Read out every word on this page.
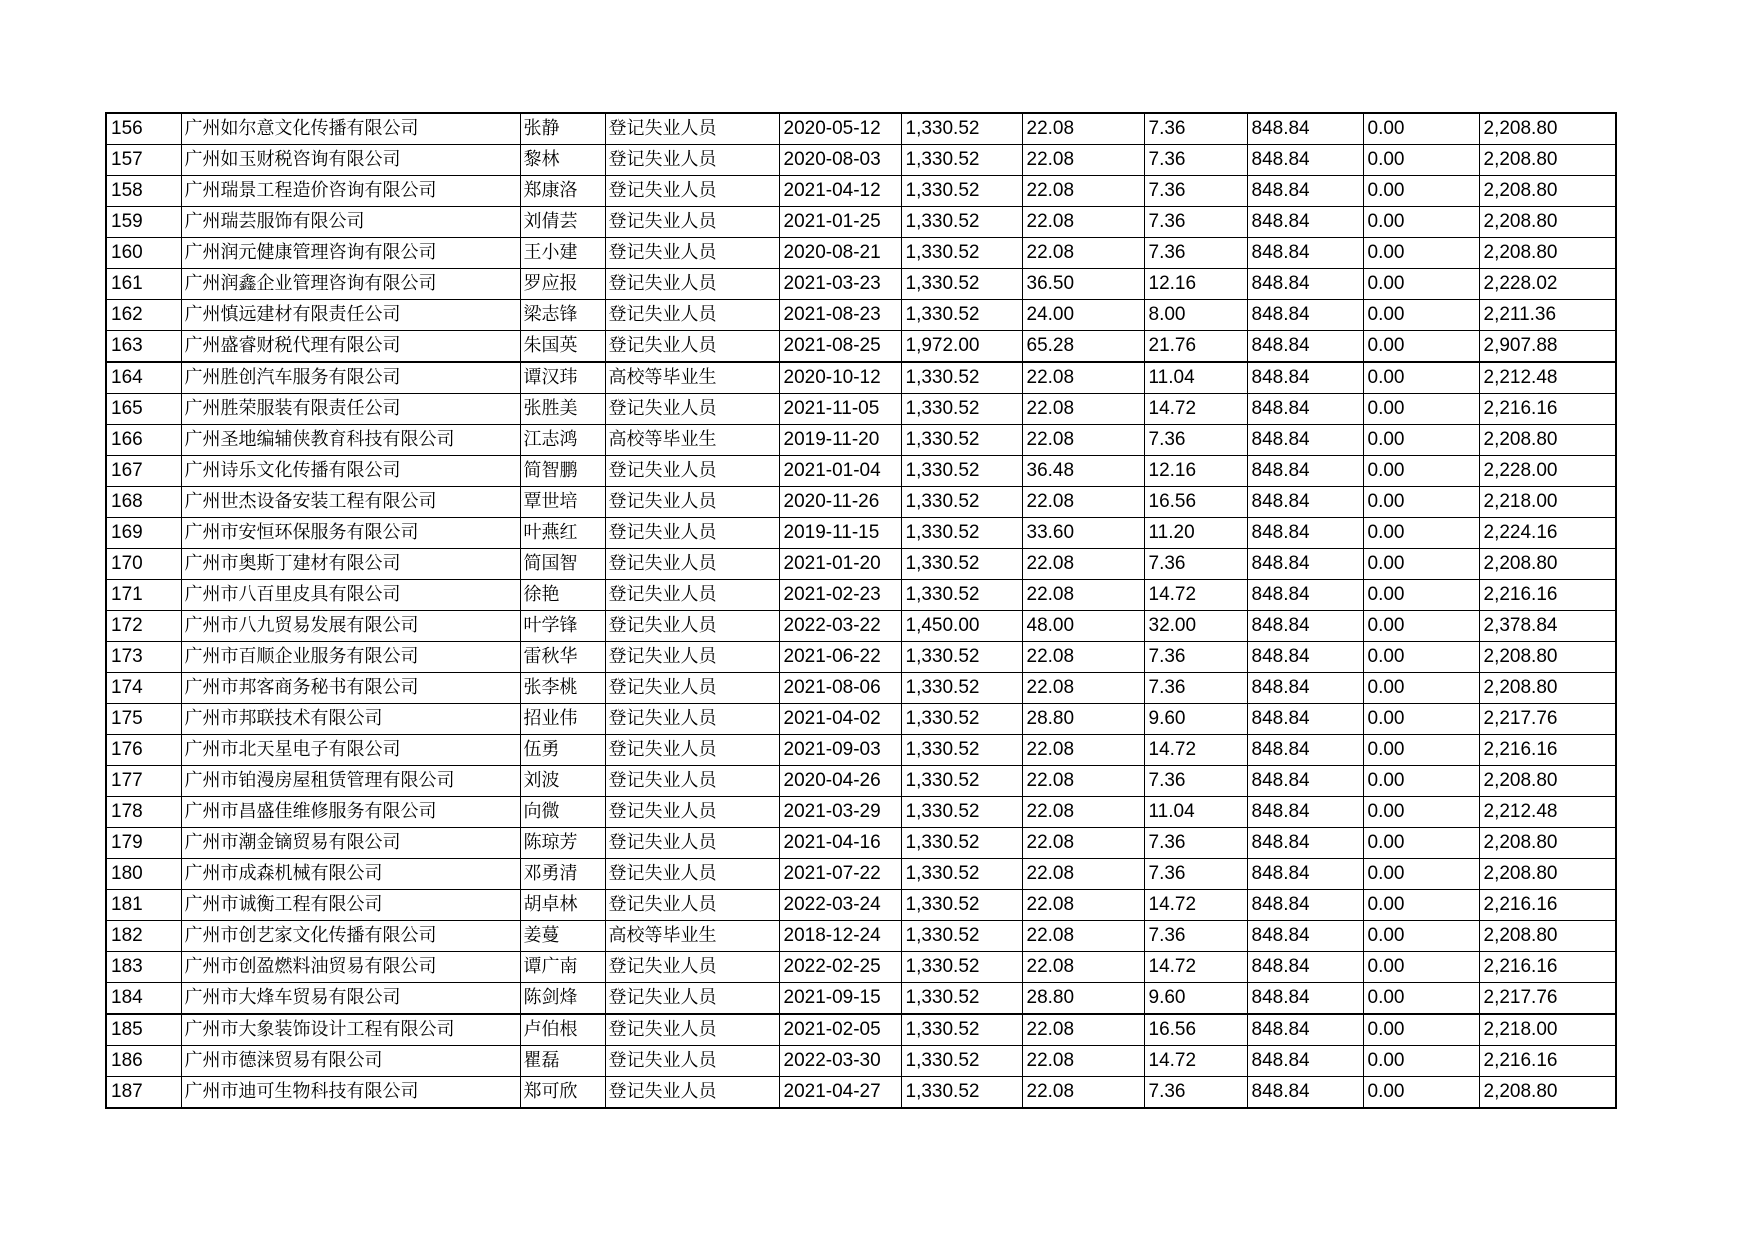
156	广州如尔意文化传播有限公司	张静	登记失业人员	2020-05-12	1,330.52	22.08	7.36	848.84	0.00	2,208.80
157	广州如玉财税咨询有限公司	黎林	登记失业人员	2020-08-03	1,330.52	22.08	7.36	848.84	0.00	2,208.80
158	广州瑞景工程造价咨询有限公司	郑康洛	登记失业人员	2021-04-12	1,330.52	22.08	7.36	848.84	0.00	2,208.80
159	广州瑞芸服饰有限公司	刘倩芸	登记失业人员	2021-01-25	1,330.52	22.08	7.36	848.84	0.00	2,208.80
160	广州润元健康管理咨询有限公司	王小建	登记失业人员	2020-08-21	1,330.52	22.08	7.36	848.84	0.00	2,208.80
161	广州润鑫企业管理咨询有限公司	罗应报	登记失业人员	2021-03-23	1,330.52	36.50	12.16	848.84	0.00	2,228.02
162	广州慎远建材有限责任公司	梁志锋	登记失业人员	2021-08-23	1,330.52	24.00	8.00	848.84	0.00	2,211.36
163	广州盛睿财税代理有限公司	朱国英	登记失业人员	2021-08-25	1,972.00	65.28	21.76	848.84	0.00	2,907.88
164	广州胜创汽车服务有限公司	谭汉玮	高校等毕业生	2020-10-12	1,330.52	22.08	11.04	848.84	0.00	2,212.48
165	广州胜荣服装有限责任公司	张胜美	登记失业人员	2021-11-05	1,330.52	22.08	14.72	848.84	0.00	2,216.16
166	广州圣地编辅侠教育科技有限公司	江志鸿	高校等毕业生	2019-11-20	1,330.52	22.08	7.36	848.84	0.00	2,208.80
167	广州诗乐文化传播有限公司	简智鹏	登记失业人员	2021-01-04	1,330.52	36.48	12.16	848.84	0.00	2,228.00
168	广州世杰设备安装工程有限公司	覃世培	登记失业人员	2020-11-26	1,330.52	22.08	16.56	848.84	0.00	2,218.00
169	广州市安恒环保服务有限公司	叶燕红	登记失业人员	2019-11-15	1,330.52	33.60	11.20	848.84	0.00	2,224.16
170	广州市奥斯丁建材有限公司	简国智	登记失业人员	2021-01-20	1,330.52	22.08	7.36	848.84	0.00	2,208.80
171	广州市八百里皮具有限公司	徐艳	登记失业人员	2021-02-23	1,330.52	22.08	14.72	848.84	0.00	2,216.16
172	广州市八九贸易发展有限公司	叶学锋	登记失业人员	2022-03-22	1,450.00	48.00	32.00	848.84	0.00	2,378.84
173	广州市百顺企业服务有限公司	雷秋华	登记失业人员	2021-06-22	1,330.52	22.08	7.36	848.84	0.00	2,208.80
174	广州市邦客商务秘书有限公司	张李桃	登记失业人员	2021-08-06	1,330.52	22.08	7.36	848.84	0.00	2,208.80
175	广州市邦联技术有限公司	招业伟	登记失业人员	2021-04-02	1,330.52	28.80	9.60	848.84	0.00	2,217.76
176	广州市北天星电子有限公司	伍勇	登记失业人员	2021-09-03	1,330.52	22.08	14.72	848.84	0.00	2,216.16
177	广州市铂漫房屋租赁管理有限公司	刘波	登记失业人员	2020-04-26	1,330.52	22.08	7.36	848.84	0.00	2,208.80
178	广州市昌盛佳维修服务有限公司	向微	登记失业人员	2021-03-29	1,330.52	22.08	11.04	848.84	0.00	2,212.48
179	广州市潮金镝贸易有限公司	陈琼芳	登记失业人员	2021-04-16	1,330.52	22.08	7.36	848.84	0.00	2,208.80
180	广州市成森机械有限公司	邓勇清	登记失业人员	2021-07-22	1,330.52	22.08	7.36	848.84	0.00	2,208.80
181	广州市诚衡工程有限公司	胡卓林	登记失业人员	2022-03-24	1,330.52	22.08	14.72	848.84	0.00	2,216.16
182	广州市创艺家文化传播有限公司	姜蔓	高校等毕业生	2018-12-24	1,330.52	22.08	7.36	848.84	0.00	2,208.80
183	广州市创盈燃料油贸易有限公司	谭广南	登记失业人员	2022-02-25	1,330.52	22.08	14.72	848.84	0.00	2,216.16
184	广州市大烽车贸易有限公司	陈剑烽	登记失业人员	2021-09-15	1,330.52	28.80	9.60	848.84	0.00	2,217.76
185	广州市大象装饰设计工程有限公司	卢伯根	登记失业人员	2021-02-05	1,330.52	22.08	16.56	848.84	0.00	2,218.00
186	广州市德涞贸易有限公司	瞿磊	登记失业人员	2022-03-30	1,330.52	22.08	14.72	848.84	0.00	2,216.16
187	广州市迪可生物科技有限公司	郑可欣	登记失业人员	2021-04-27	1,330.52	22.08	7.36	848.84	0.00	2,208.80
